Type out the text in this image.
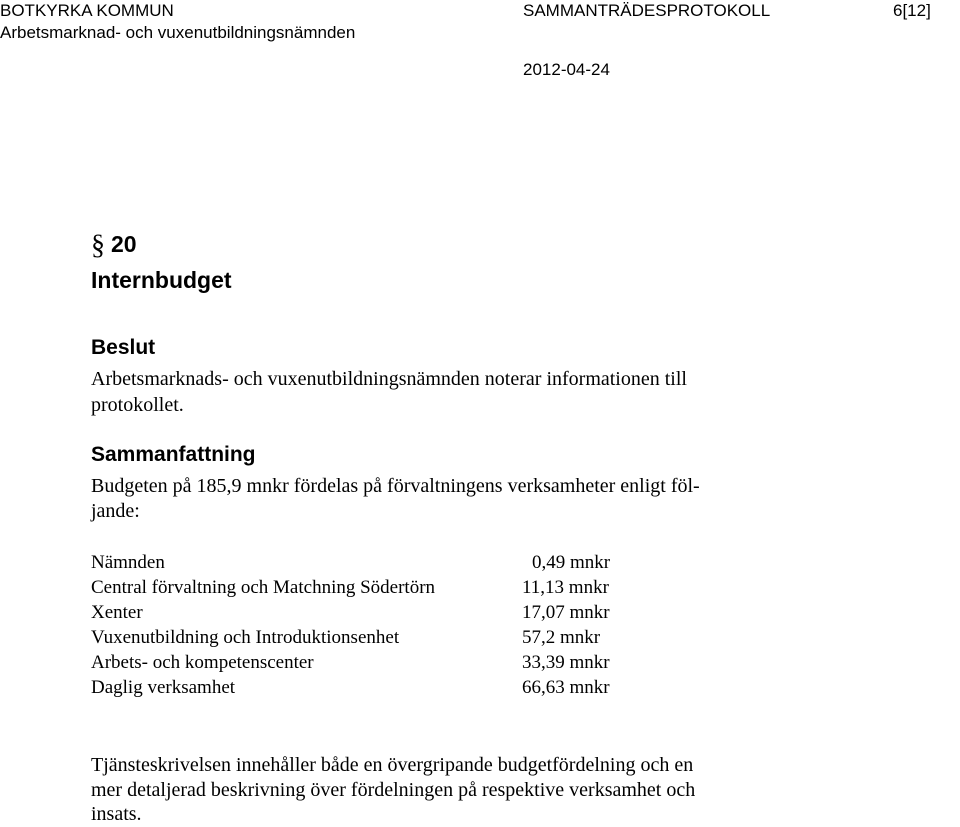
BOTKYRKA KOMMUN
Arbetsmarknad- och vuxenutbildningsnämnden
SAMMANTRÄDESPROTOKOLL	6[12]
2012-04-24
§ 20
Internbudget
Beslut
Arbetsmarknads- och vuxenutbildningsnämnden noterar informationen till
protokollet.
Sammanfattning
Budgeten på 185,9 mnkr fördelas på förvaltningens verksamheter enligt föl-
jande:
Nämnden	0,49 mnkr
Central förvaltning och Matchning Södertörn	11,13 mnkr
Xenter	17,07 mnkr
Vuxenutbildning och Introduktionsenhet	57,2 mnkr
Arbets- och kompetenscenter	33,39 mnkr
Daglig verksamhet	66,63 mnkr
Tjänsteskrivelsen innehåller både en övergripande budgetfördelning och en
mer detaljerad beskrivning över fördelningen på respektive verksamhet och
insats.
